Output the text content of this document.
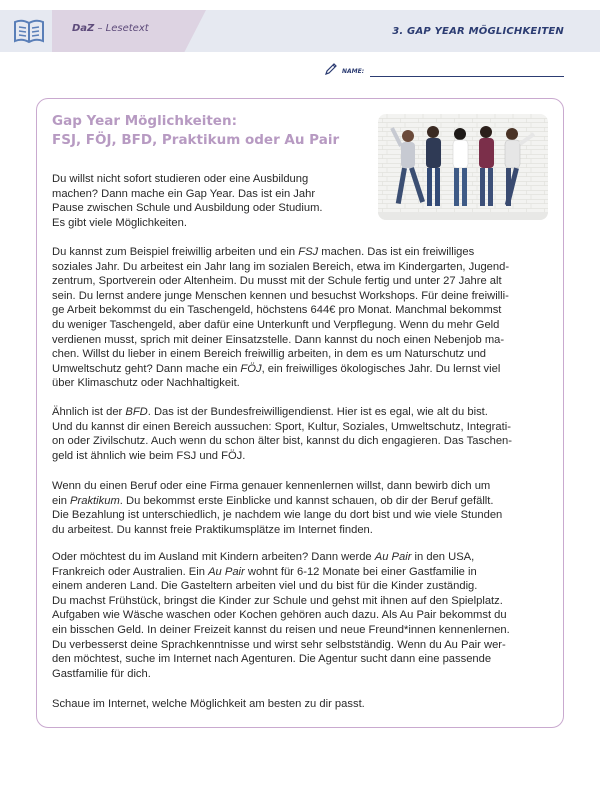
DaZ – Lesetext	3. GAP YEAR MÖGLICHKEITEN
NAME:
Gap Year Möglichkeiten:
FSJ, FÖJ, BFD, Praktikum oder Au Pair
Du willst nicht sofort studieren oder eine Ausbildung
machen? Dann mache ein Gap Year. Das ist ein Jahr
Pause zwischen Schule und Ausbildung oder Studium.
Es gibt viele Möglichkeiten.
Du kannst zum Beispiel freiwillig arbeiten und ein FSJ machen. Das ist ein freiwilliges
soziales Jahr. Du arbeitest ein Jahr lang im sozialen Bereich, etwa im Kindergarten, Jugend-
zentrum, Sportverein oder Altenheim. Du musst mit der Schule fertig und unter 27 Jahre alt
sein. Du lernst andere junge Menschen kennen und besuchst Workshops. Für deine freiwilli-
ge Arbeit bekommst du ein Taschengeld, höchstens 644€ pro Monat. Manchmal bekommst
du weniger Taschengeld, aber dafür eine Unterkunft und Verpflegung. Wenn du mehr Geld
verdienen musst, sprich mit deiner Einsatzstelle. Dann kannst du noch einen Nebenjob ma-
chen. Willst du lieber in einem Bereich freiwillig arbeiten, in dem es um Naturschutz und
Umweltschutz geht? Dann mache ein FÖJ, ein freiwilliges ökologisches Jahr. Du lernst viel
über Klimaschutz oder Nachhaltigkeit.
Ähnlich ist der BFD. Das ist der Bundesfreiwilligendienst. Hier ist es egal, wie alt du bist.
Und du kannst dir einen Bereich aussuchen: Sport, Kultur, Soziales, Umweltschutz, Integrati-
on oder Zivilschutz. Auch wenn du schon älter bist, kannst du dich engagieren. Das Taschen-
geld ist ähnlich wie beim FSJ und FÖJ.
Wenn du einen Beruf oder eine Firma genauer kennenlernen willst, dann bewirb dich um
ein Praktikum. Du bekommst erste Einblicke und kannst schauen, ob dir der Beruf gefällt.
Die Bezahlung ist unterschiedlich, je nachdem wie lange du dort bist und wie viele Stunden
du arbeitest. Du kannst freie Praktikumsplätze im Internet finden.
Oder möchtest du im Ausland mit Kindern arbeiten? Dann werde Au Pair in den USA,
Frankreich oder Australien. Ein Au Pair wohnt für 6-12 Monate bei einer Gastfamilie in
einem anderen Land. Die Gasteltern arbeiten viel und du bist für die Kinder zuständig.
Du machst Frühstück, bringst die Kinder zur Schule und gehst mit ihnen auf den Spielplatz.
Aufgaben wie Wäsche waschen oder Kochen gehören auch dazu. Als Au Pair bekommst du
ein bisschen Geld. In deiner Freizeit kannst du reisen und neue Freund*innen kennenlernen.
Du verbesserst deine Sprachkenntnisse und wirst sehr selbstständig. Wenn du Au Pair wer-
den möchtest, suche im Internet nach Agenturen. Die Agentur sucht dann eine passende
Gastfamilie für dich.
Schaue im Internet, welche Möglichkeit am besten zu dir passt.
